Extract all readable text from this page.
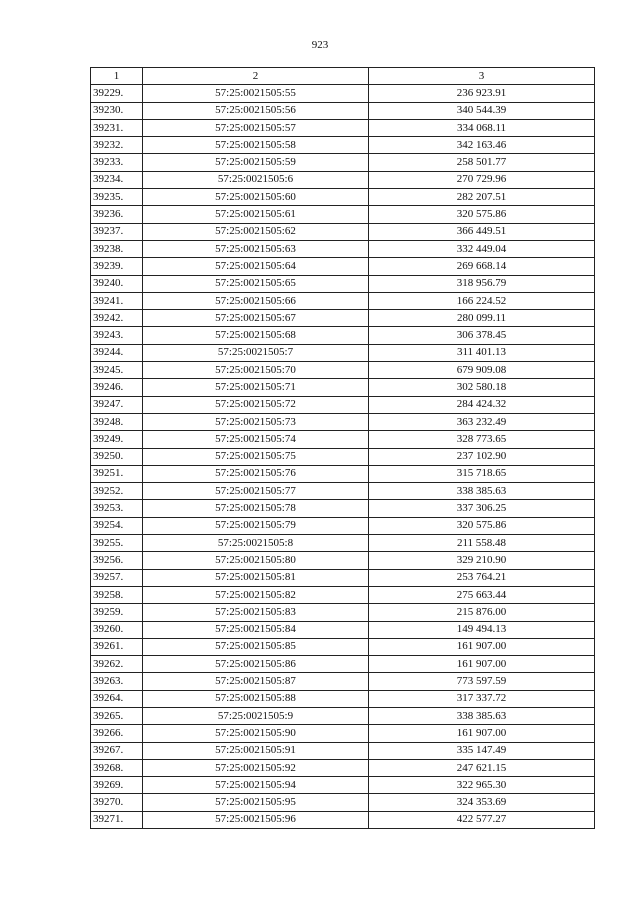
923
1	2	3
39229.	57:25:0021505:55	236 923.91
39230.	57:25:0021505:56	340 544.39
39231.	57:25:0021505:57	334 068.11
39232.	57:25:0021505:58	342 163.46
39233.	57:25:0021505:59	258 501.77
39234.	57:25:0021505:6	270 729.96
39235.	57:25:0021505:60	282 207.51
39236.	57:25:0021505:61	320 575.86
39237.	57:25:0021505:62	366 449.51
39238.	57:25:0021505:63	332 449.04
39239.	57:25:0021505:64	269 668.14
39240.	57:25:0021505:65	318 956.79
39241.	57:25:0021505:66	166 224.52
39242.	57:25:0021505:67	280 099.11
39243.	57:25:0021505:68	306 378.45
39244.	57:25:0021505:7	311 401.13
39245.	57:25:0021505:70	679 909.08
39246.	57:25:0021505:71	302 580.18
39247.	57:25:0021505:72	284 424.32
39248.	57:25:0021505:73	363 232.49
39249.	57:25:0021505:74	328 773.65
39250.	57:25:0021505:75	237 102.90
39251.	57:25:0021505:76	315 718.65
39252.	57:25:0021505:77	338 385.63
39253.	57:25:0021505:78	337 306.25
39254.	57:25:0021505:79	320 575.86
39255.	57:25:0021505:8	211 558.48
39256.	57:25:0021505:80	329 210.90
39257.	57:25:0021505:81	253 764.21
39258.	57:25:0021505:82	275 663.44
39259.	57:25:0021505:83	215 876.00
39260.	57:25:0021505:84	149 494.13
39261.	57:25:0021505:85	161 907.00
39262.	57:25:0021505:86	161 907.00
39263.	57:25:0021505:87	773 597.59
39264.	57:25:0021505:88	317 337.72
39265.	57:25:0021505:9	338 385.63
39266.	57:25:0021505:90	161 907.00
39267.	57:25:0021505:91	335 147.49
39268.	57:25:0021505:92	247 621.15
39269.	57:25:0021505:94	322 965.30
39270.	57:25:0021505:95	324 353.69
39271.	57:25:0021505:96	422 577.27
